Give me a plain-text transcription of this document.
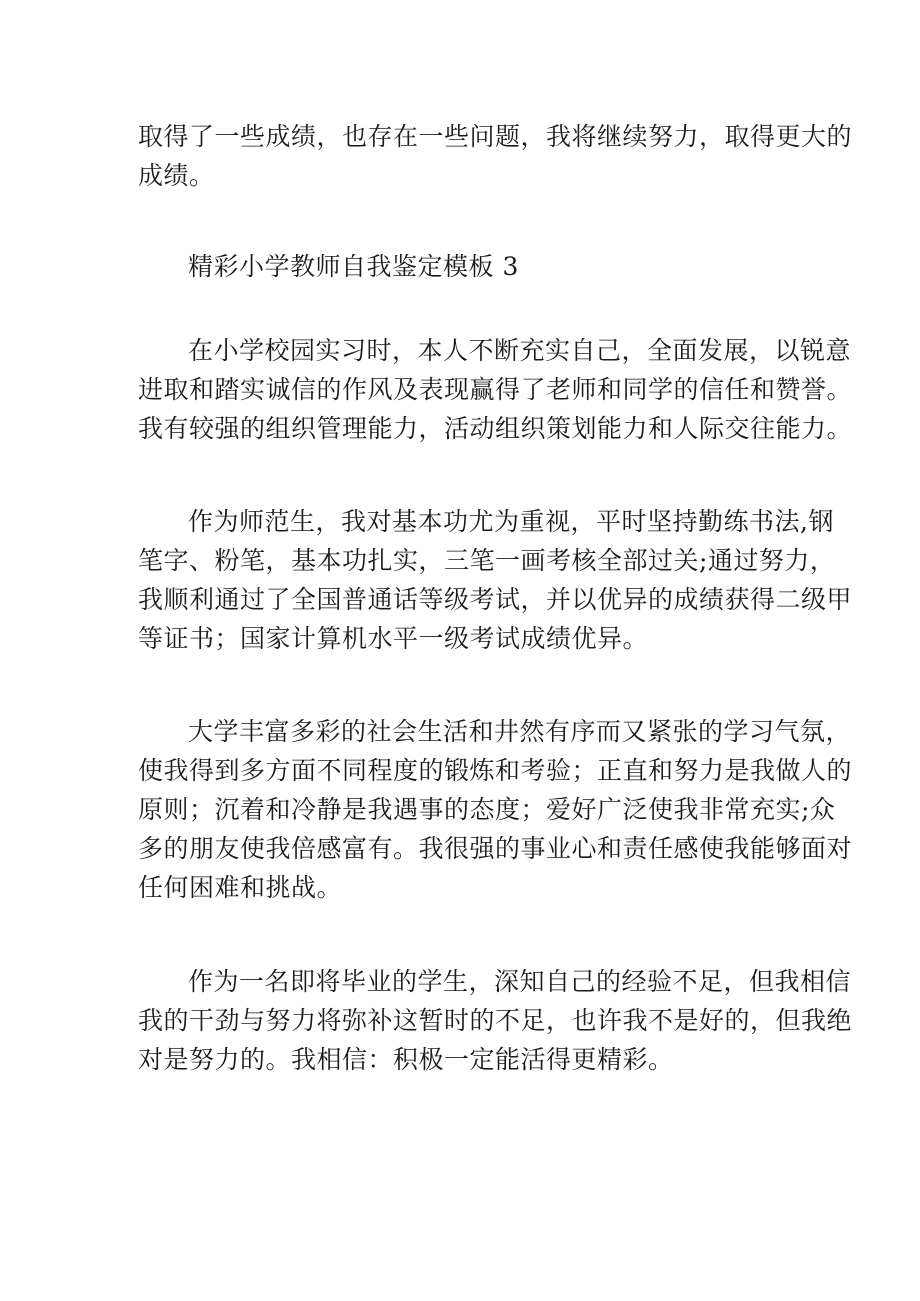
取得了一些成绩，也存在一些问题，我将继续努力，取得更大的
成绩。
精彩小学教师自我鉴定模板 3
在小学校园实习时，本人不断充实自己，全面发展，以锐意
进取和踏实诚信的作风及表现赢得了老师和同学的信任和赞誉。
我有较强的组织管理能力，活动组织策划能力和人际交往能力。
作为师范生，我对基本功尤为重视，平时坚持勤练书法,钢
笔字、粉笔，基本功扎实，三笔一画考核全部过关;通过努力，
我顺利通过了全国普通话等级考试，并以优异的成绩获得二级甲
等证书；国家计算机水平一级考试成绩优异。
大学丰富多彩的社会生活和井然有序而又紧张的学习气氛，
使我得到多方面不同程度的锻炼和考验；正直和努力是我做人的
原则；沉着和冷静是我遇事的态度；爱好广泛使我非常充实;众
多的朋友使我倍感富有。我很强的事业心和责任感使我能够面对
任何困难和挑战。
作为一名即将毕业的学生，深知自己的经验不足，但我相信
我的干劲与努力将弥补这暂时的不足，也许我不是好的，但我绝
对是努力的。我相信：积极一定能活得更精彩。
